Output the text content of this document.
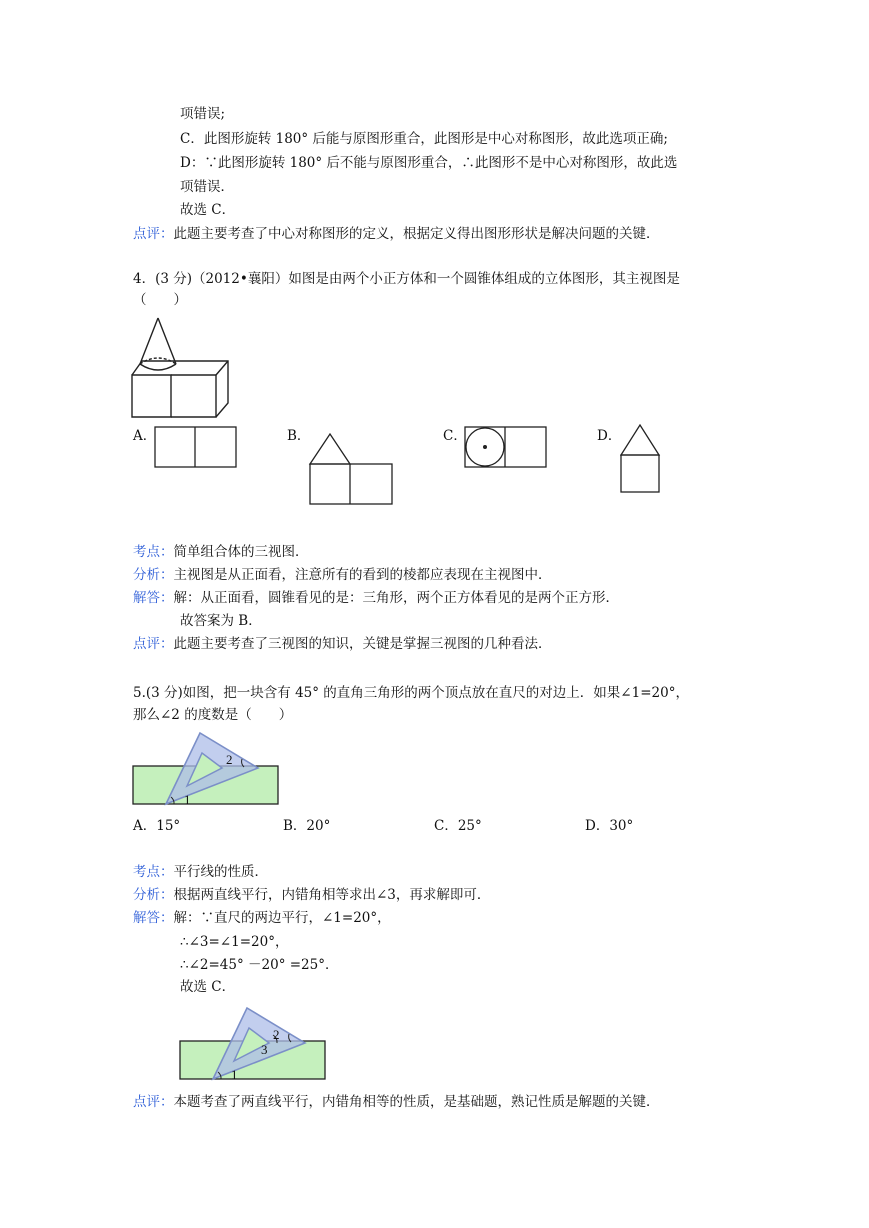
项错误;
C．此图形旋转 180° 后能与原图形重合，此图形是中心对称图形，故此选项正确;
D：∵此图形旋转 180° 后不能与原图形重合，∴此图形不是中心对称图形，故此选
项错误．
故选 C．
点评：此题主要考查了中心对称图形的定义，根据定义得出图形形状是解决问题的关键．
4．(3 分)（2012•襄阳）如图是由两个小正方体和一个圆锥体组成的立体图形，其主视图是
（　　）
A．	B．	C．	D．
考点：简单组合体的三视图．
分析：主视图是从正面看，注意所有的看到的棱都应表现在主视图中．
解答：解：从正面看，圆锥看见的是：三角形，两个正方体看见的是两个正方形．
故答案为 B．
点评：此题主要考查了三视图的知识，关键是掌握三视图的几种看法．
5.(3 分)如图，把一块含有 45° 的直角三角形的两个顶点放在直尺的对边上．如果∠1=20°，
那么∠2 的度数是（　　）
1
2
A．15°	B．20°	C．25°	D．30°
考点：平行线的性质．
分析：根据两直线平行，内错角相等求出∠3，再求解即可．
解答：解：∵直尺的两边平行，∠1=20°，
∴∠3=∠1=20°，
∴∠2=45° －20° =25°．
故选 C．
1
2
3
点评：本题考查了两直线平行，内错角相等的性质，是基础题，熟记性质是解题的关键．
